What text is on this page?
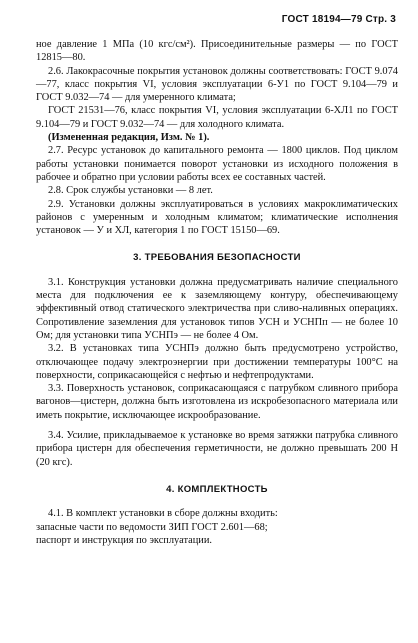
ГОСТ 18194—79 Стр. 3

ное давление 1 МПа (10 кгс/см²). Присоединительные размеры — по ГОСТ 12815—80.

2.6. Лакокрасочные покрытия установок должны соответствовать: ГОСТ 9.074—77, класс покрытия VI, условия эксплуатации 6-У1 по ГОСТ 9.104—79 и ГОСТ 9.032—74 — для умеренного климата;

ГОСТ 21531—76, класс покрытия VI, условия эксплуатации 6-ХЛ1 по ГОСТ 9.104—79 и ГОСТ 9.032—74 — для холодного климата.

(Измененная редакция, Изм. № 1).

2.7. Ресурс установок до капитального ремонта — 1800 циклов. Под циклом работы установки понимается поворот установки из исходного положения в рабочее и обратно при условии работы всех ее составных частей.

2.8. Срок службы установки — 8 лет.

2.9. Установки должны эксплуатироваться в условиях макроклиматических районов с умеренным и холодным климатом; климатические исполнения установок — У и ХЛ, категория 1 по ГОСТ 15150—69.

3. ТРЕБОВАНИЯ БЕЗОПАСНОСТИ

3.1. Конструкция установки должна предусматривать наличие специального места для подключения ее к заземляющему контуру, обеспечивающему эффективный отвод статического электричества при сливо-наливных операциях. Сопротивление заземления для установок типов УСН и УСНПп — не более 10 Ом; для установки типа УСНПэ — не более 4 Ом.

3.2. В установках типа УСНПэ должно быть предусмотрено устройство, отключающее подачу электроэнергии при достижении температуры 100°C на поверхности, соприкасающейся с нефтью и нефтепродуктами.

3.3. Поверхность установок, соприкасающаяся с патрубком сливного прибора вагонов—цистерн, должна быть изготовлена из искробезопасного материала или иметь покрытие, исключающее искрообразование.

3.4. Усилие, прикладываемое к установке во время затяжки патрубка сливного прибора цистерн для обеспечения герметичности, не должно превышать 200 Н (20 кгс).

4. КОМПЛЕКТНОСТЬ

4.1. В комплект установки в сборе должны входить:

запасные части по ведомости ЗИП ГОСТ 2.601—68;

паспорт и инструкция по эксплуатации.
